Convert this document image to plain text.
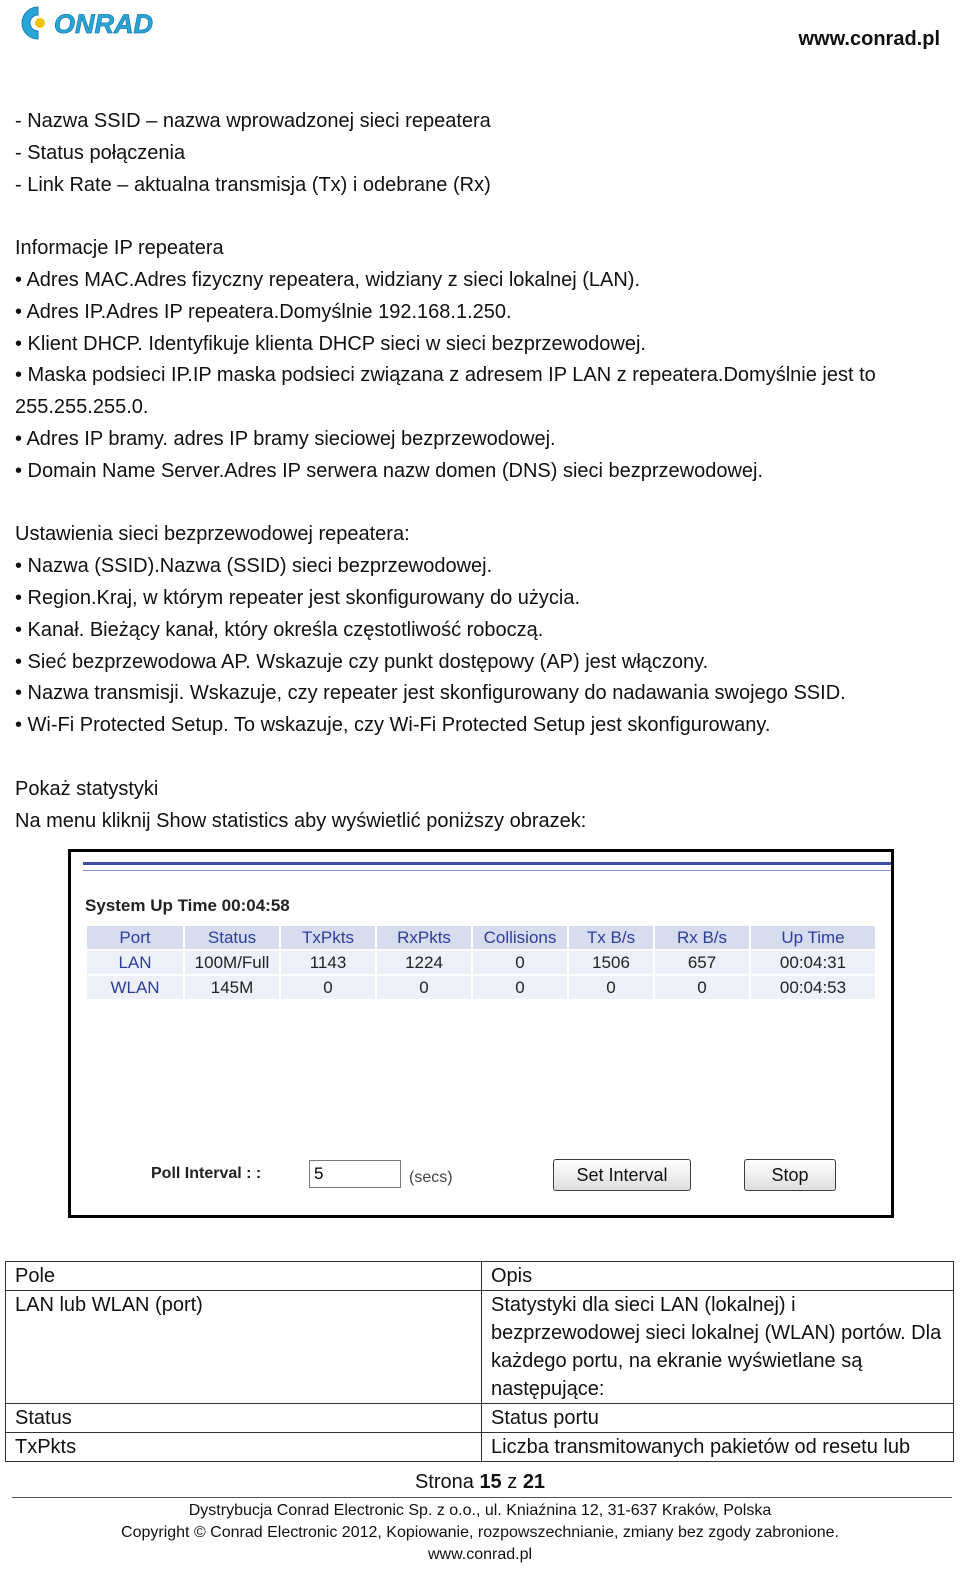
ONRAD	www.conrad.pl
- Nazwa SSID – nazwa wprowadzonej sieci repeatera
- Status połączenia
- Link Rate – aktualna transmisja (Tx) i odebrane (Rx)
Informacje IP repeatera
• Adres MAC.Adres fizyczny repeatera, widziany z sieci lokalnej (LAN).
• Adres IP.Adres IP repeatera.Domyślnie 192.168.1.250.
• Klient DHCP. Identyfikuje klienta DHCP sieci w sieci bezprzewodowej.
• Maska podsieci IP.IP maska podsieci związana z adresem IP LAN z repeatera.Domyślnie jest to
255.255.255.0.
• Adres IP bramy. adres IP bramy sieciowej bezprzewodowej.
• Domain Name Server.Adres IP serwera nazw domen (DNS) sieci bezprzewodowej.
Ustawienia sieci bezprzewodowej repeatera:
• Nazwa (SSID).Nazwa (SSID) sieci bezprzewodowej.
• Region.Kraj, w którym repeater jest skonfigurowany do użycia.
• Kanał. Bieżący kanał, który określa częstotliwość roboczą.
• Sieć bezprzewodowa AP. Wskazuje czy punkt dostępowy (AP) jest włączony.
• Nazwa transmisji. Wskazuje, czy repeater jest skonfigurowany do nadawania swojego SSID.
• Wi-Fi Protected Setup. To wskazuje, czy Wi-Fi Protected Setup jest skonfigurowany.
Pokaż statystyki
Na menu kliknij Show statistics aby wyświetlić poniższy obrazek:
System Up Time 00:04:58
Port	Status	TxPkts	RxPkts	Collisions	Tx B/s	Rx B/s	Up Time
LAN	100M/Full	1143	1224	0	1506	657	00:04:31
WLAN	145M	0	0	0	0	0	00:04:53
Poll Interval : :
5	(secs)	Set Interval	Stop
Pole	Opis
LAN lub WLAN (port)	Statystyki dla sieci LAN (lokalnej) i bezprzewodowej sieci lokalnej (WLAN) portów. Dla każdego portu, na ekranie wyświetlane są następujące:
Status	Status portu
TxPkts	Liczba transmitowanych pakietów od resetu lub
Strona 15 z 21
Dystrybucja Conrad Electronic Sp. z o.o., ul. Kniaźnina 12, 31-637 Kraków, Polska
Copyright © Conrad Electronic 2012, Kopiowanie, rozpowszechnianie, zmiany bez zgody zabronione.
www.conrad.pl
